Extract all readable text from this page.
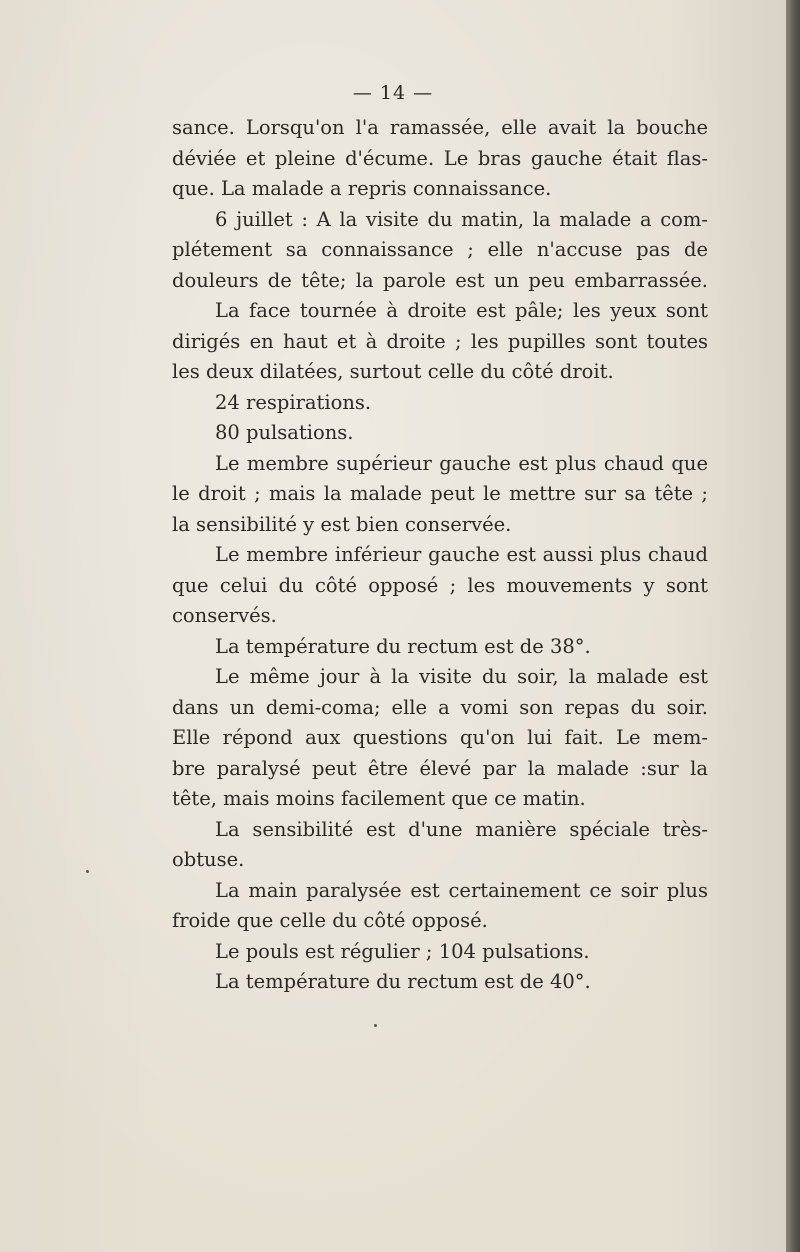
— 14 —
sance. Lorsqu'on l'a ramassée, elle avait la bouche
déviée et pleine d'écume. Le bras gauche était flas-
que. La malade a repris connaissance.
6 juillet : A la visite du matin, la malade a com-
plétement sa connaissance ; elle n'accuse pas de
douleurs de tête; la parole est un peu embarrassée.
La face tournée à droite est pâle; les yeux sont
dirigés en haut et à droite ; les pupilles sont toutes
les deux dilatées, surtout celle du côté droit.
24 respirations.
80 pulsations.
Le membre supérieur gauche est plus chaud que
le droit ; mais la malade peut le mettre sur sa tête ;
la sensibilité y est bien conservée.
Le membre inférieur gauche est aussi plus chaud
que celui du côté opposé ; les mouvements y sont
conservés.
La température du rectum est de 38°.
Le même jour à la visite du soir, la malade est
dans un demi-coma; elle a vomi son repas du soir.
Elle répond aux questions qu'on lui fait. Le mem-
bre paralysé peut être élevé par la malade :sur la
tête, mais moins facilement que ce matin.
La sensibilité est d'une manière spéciale très-
obtuse.
La main paralysée est certainement ce soir plus
froide que celle du côté opposé.
Le pouls est régulier ; 104 pulsations.
La température du rectum est de 40°.
